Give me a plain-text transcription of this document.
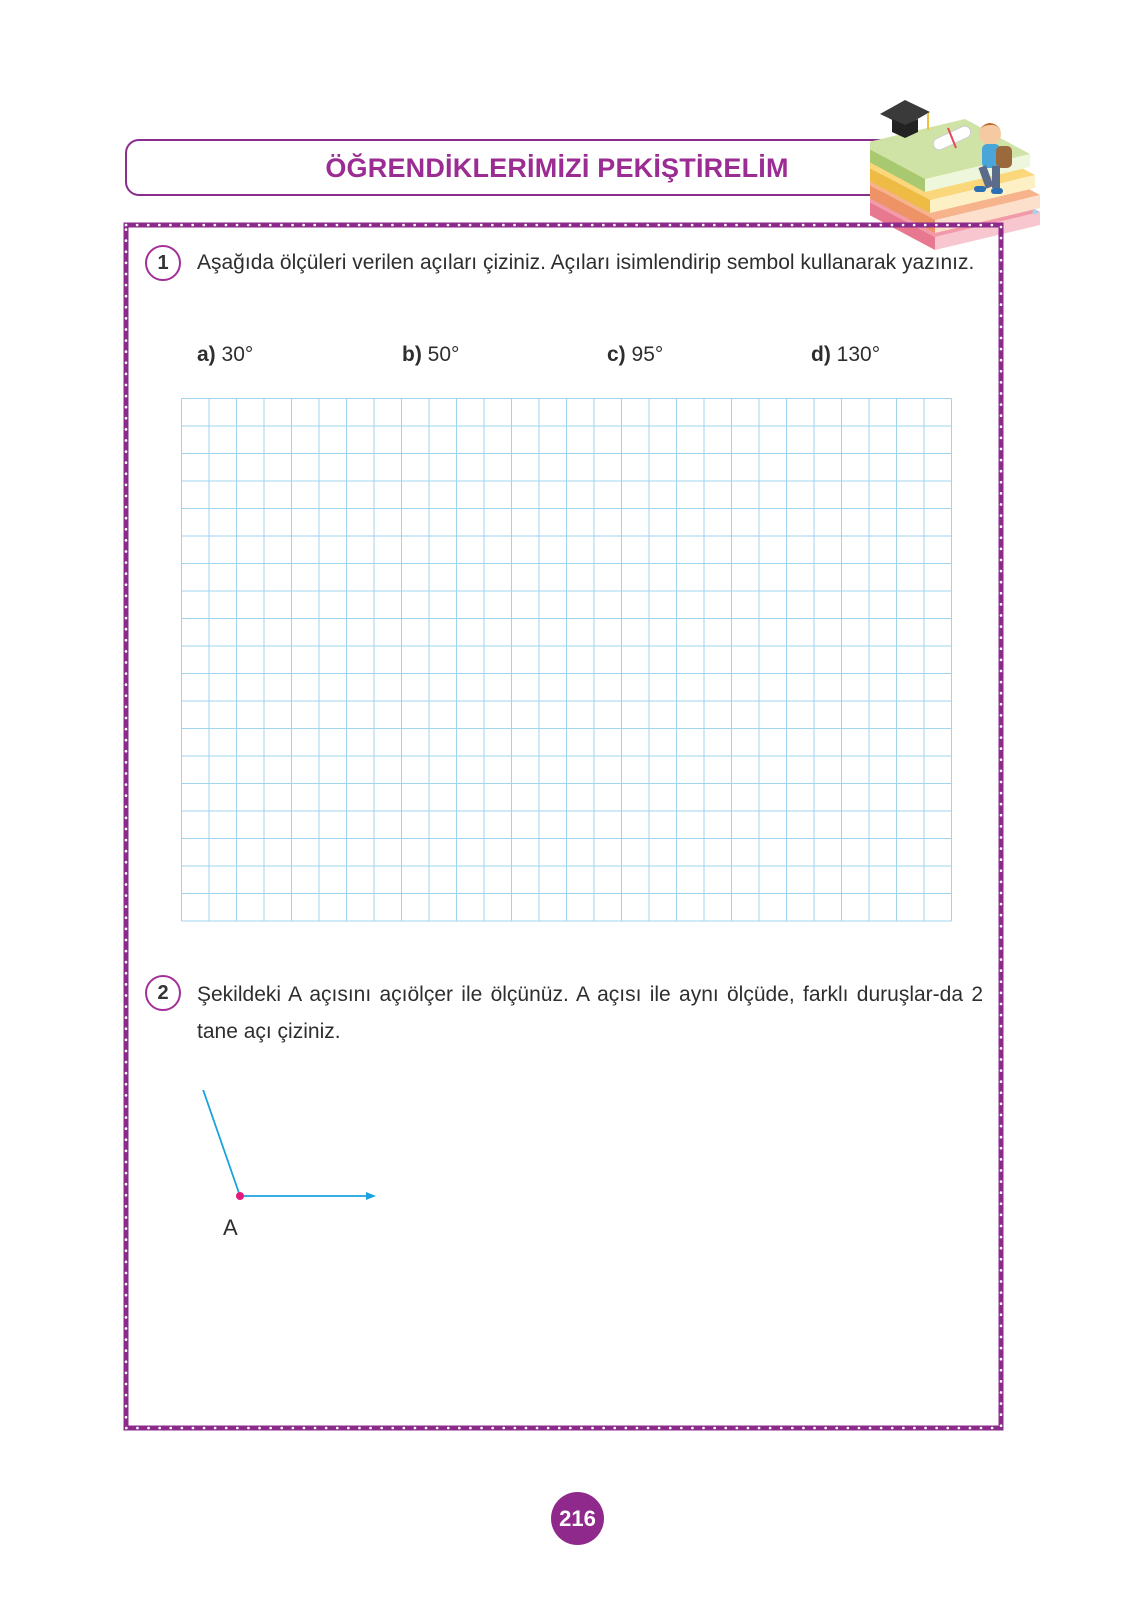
ÖĞRENDİKLERİMİZİ PEKİŞTİRELİM
1	Aşağıda ölçüleri verilen açıları çiziniz. Açıları isimlendirip sembol kullanarak yazınız.
a) 30°	b) 50°	c) 95°	d) 130°
2	Şekildeki A açısını açıölçer ile ölçünüz. A açısı ile aynı ölçüde, farklı duruşlar-da 2 tane açı çiziniz.
A
216
